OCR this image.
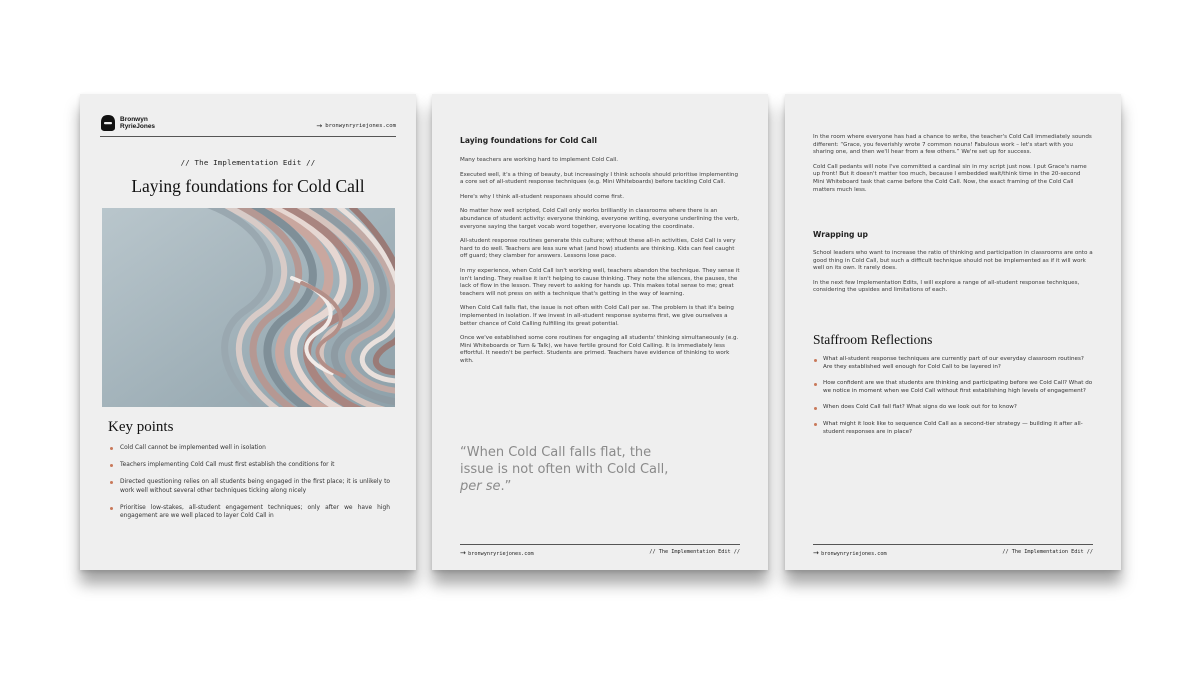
Bronwyn
RyrieJones	→ bronwynryriejones.com
// The Implementation Edit //
Laying foundations for Cold Call
Key points
Cold Call cannot be implemented well in isolation
Teachers implementing Cold Call must first establish the conditions for it
Directed questioning relies on all students being engaged in the first place; it is unlikely to work well without several other techniques ticking along nicely
Prioritise low-stakes, all-student engagement techniques; only after we have high engagement are we well placed to layer Cold Call in
Laying foundations for Cold Call

Many teachers are working hard to implement Cold Call.

Executed well, it's a thing of beauty, but increasingly I think schools should prioritise implementing a core set of all-student response techniques (e.g. Mini Whiteboards) before tackling Cold Call.

Here's why I think all-student responses should come first.

No matter how well scripted, Cold Call only works brilliantly in classrooms where there is an abundance of student activity: everyone thinking, everyone writing, everyone underlining the verb, everyone saying the target vocab word together, everyone locating the coordinate.

All-student response routines generate this culture; without these all-in activities, Cold Call is very hard to do well. Teachers are less sure what (and how) students are thinking. Kids can feel caught off guard; they clamber for answers. Lessons lose pace.

In my experience, when Cold Call isn't working well, teachers abandon the technique. They sense it isn't landing. They realise it isn't helping to cause thinking. They note the silences, the pauses, the lack of flow in the lesson. They revert to asking for hands up. This makes total sense to me; great teachers will not press on with a technique that's getting in the way of learning.

When Cold Call falls flat, the issue is not often with Cold Call per se. The problem is that it's being implemented in isolation. If we invest in all-student response systems first, we give ourselves a better chance of Cold Calling fulfilling its great potential.

Once we've established some core routines for engaging all students' thinking simultaneously (e.g. Mini Whiteboards or Turn & Talk), we have fertile ground for Cold Calling. It is immediately less effortful. It needn't be perfect. Students are primed. Teachers have evidence of thinking to work with.

“When Cold Call falls flat, the issue is not often with Cold Call, per se.”
→ bronwynryriejones.com	// The Implementation Edit //

In the room where everyone has had a chance to write, the teacher's Cold Call immediately sounds different: “Grace, you feverishly wrote 7 common nouns! Fabulous work – let's start with you sharing one, and then we'll hear from a few others.” We're set up for success.

Cold Call pedants will note I've committed a cardinal sin in my script just now. I put Grace's name up front! But it doesn't matter too much, because I embedded wait/think time in the 20-second Mini Whiteboard task that came before the Cold Call. Now, the exact framing of the Cold Call matters much less.

Wrapping up

School leaders who want to increase the ratio of thinking and participation in classrooms are onto a good thing in Cold Call, but such a difficult technique should not be implemented as if it will work well on its own. It rarely does.

In the next few Implementation Edits, I will explore a range of all-student response techniques, considering the upsides and limitations of each.

Staffroom Reflections
What all-student response techniques are currently part of our everyday classroom routines? Are they established well enough for Cold Call to be layered in?
How confident are we that students are thinking and participating before we Cold Call? What do we notice in moment when we Cold Call without first establishing high levels of engagement?
When does Cold Call fall flat? What signs do we look out for to know?
What might it look like to sequence Cold Call as a second-tier strategy — building it after all-student responses are in place?
→ bronwynryriejones.com	// The Implementation Edit //
